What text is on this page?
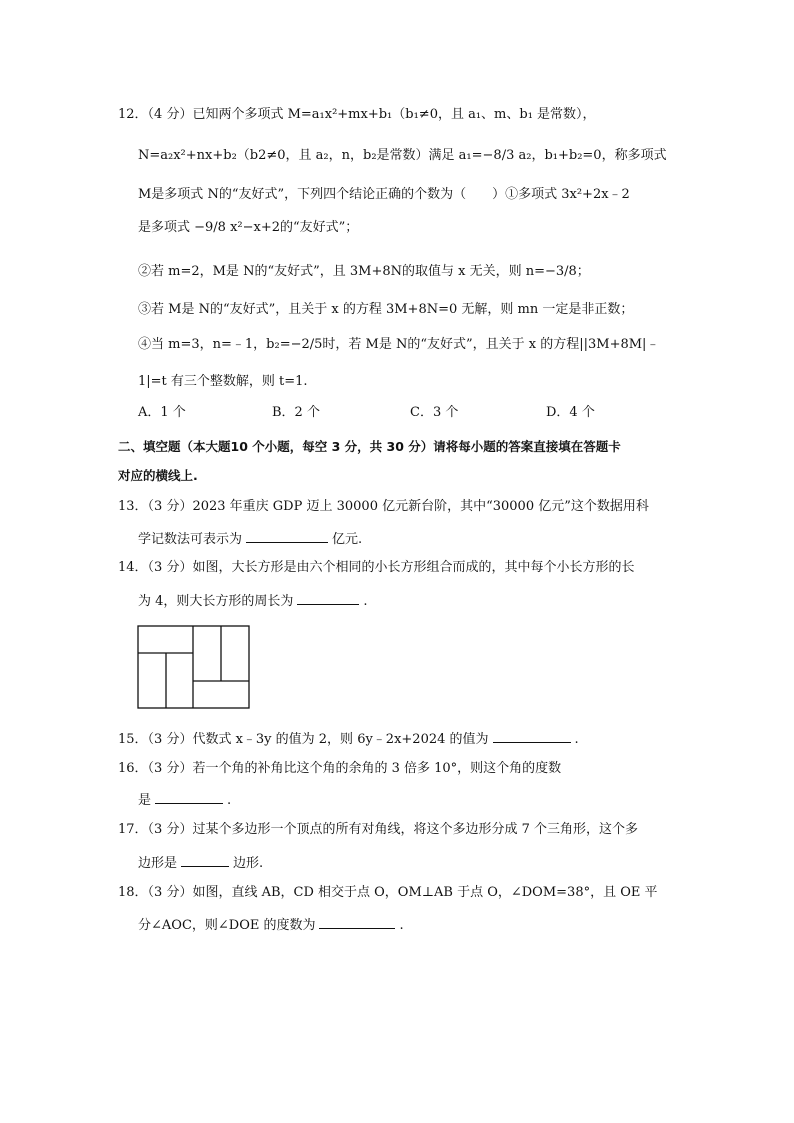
12．（4 分）已知两个多项式 M=a₁x²+mx+b₁（b₁≠0，且 a₁、m、b₁ 是常数），
N=a₂x²+nx+b₂（b2≠0，且 a₂，n，b₂是常数）满足 a₁=−8/3 a₂，b₁+b₂=0，称多项式
M是多项式 N的“友好式”，下列四个结论正确的个数为（　　）①多项式 3x²+2x﹣2
是多项式 −9/8 x²−x+2的“友好式”；
②若 m=2，M是 N的“友好式”，且 3M+8N的取值与 x 无关，则 n=−3/8；
③若 M是 N的“友好式”，且关于 x 的方程 3M+8N=0 无解，则 mn 一定是非正数；
④当 m=3，n=﹣1，b₂=−2/5时，若 M是 N的“友好式”，且关于 x 的方程||3M+8M|﹣
1|=t 有三个整数解，则 t=1.
A．1 个	B．2 个	C．3 个	D．4 个
二、填空题（本大题10 个小题，每空 3 分，共 30 分）请将每小题的答案直接填在答题卡
对应的横线上.
13．（3 分）2023 年重庆 GDP 迈上 30000 亿元新台阶，其中“30000 亿元”这个数据用科
学记数法可表示为	亿元.
14．（3 分）如图，大长方形是由六个相同的小长方形组合而成的，其中每个小长方形的长
为 4，则大长方形的周长为	.
15．（3 分）代数式 x﹣3y 的值为 2，则 6y﹣2x+2024 的值为	.
16．（3 分）若一个角的补角比这个角的余角的 3 倍多 10°，则这个角的度数
是	.
17．（3 分）过某个多边形一个顶点的所有对角线，将这个多边形分成 7 个三角形，这个多
边形是	边形.
18．（3 分）如图，直线 AB，CD 相交于点 O，OM⊥AB 于点 O，∠DOM=38°，且 OE 平
分∠AOC，则∠DOE 的度数为	.
